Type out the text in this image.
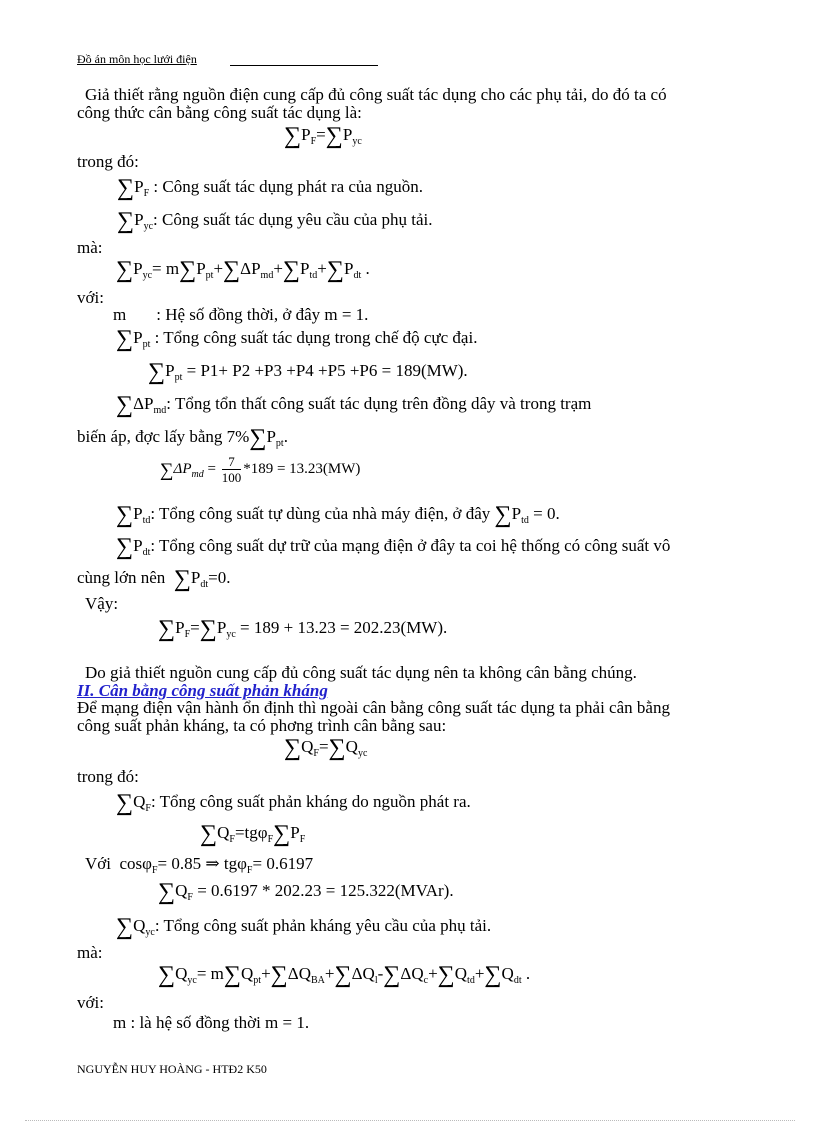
Đồ án môn học lưới điện
Giả thiết rằng nguồn điện cung cấp đủ công suất tác dụng cho các phụ tải, do đó ta có
công thức cân bằng công suất tác dụng là:
$\sum P_F=\sum P_{yc}$
trong đó:
$\sum P_F$ : Công suất tác dụng phát ra của nguồn.
$\sum P_{yc}$: Công suất tác dụng yêu cầu của phụ tải.
mà:
$\sum P_{yc}= m\sum P_{pt}+\sum\Delta P_{md}+\sum P_{td}+\sum P_{dt}$ .
với:
m : Hệ số đồng thời, ở đây m = 1.
$\sum P_{pt}$ : Tổng công suất tác dụng trong chế độ cực đại.
$\sum P_{pt} = P1+ P2 +P3 +P4 +P5 +P6 = 189(MW)$.
$\sum\Delta P_{md}$: Tổng tổn thất công suất tác dụng trên đồng dây và trong trạm
biến áp, đợc lấy bằng $7\%\sum P_{pt}$.
$\sum\Delta P_{md} = \frac{7}{100} *189 = 13.23(MW)$
$\sum P_{td}$: Tổng công suất tự dùng của nhà máy điện, ở đây $\sum P_{td} = 0$.
$\sum P_{dt}$: Tổng công suất dự trữ của mạng điện ở đây ta coi hệ thống có công suất vô
cùng lớn nên $\sum P_{dt}=0$.
Vậy:
$\sum P_F=\sum P_{yc} = 189 + 13.23 = 202.23(MW)$.
Do giả thiết nguồn cung cấp đủ công suất tác dụng nên ta không cân bằng chúng.
II. Cân bằng công suất phản kháng
Để mạng điện vận hành ổn định thì ngoài cân bằng công suất tác dụng ta phải cân bằng
công suất phản kháng, ta có phơng trình cân bằng sau:
$\sum Q_F=\sum Q_{yc}$
trong đó:
$\sum Q_F$: Tổng công suất phản kháng do nguồn phát ra.
$\sum Q_F=tg\varphi_F\sum P_F$
Với cosφ$_F$= 0.85 ⇒ tgφ$_F$= 0.6197
$\sum Q_F = 0.6197 * 202.23$ = 125.322(MVAr).
$\sum Q_{yc}$: Tổng công suất phản kháng yêu cầu của phụ tải.
mà:
$\sum Q_{yc}= m\sum Q_{pt}+\sum\Delta Q_{BA}+\sum\Delta Q_l-\sum\Delta Q_c+\sum Q_{td}+\sum Q_{dt}$ .
với:
m : là hệ số đồng thời m = 1.
NGUYỄN HUY HOÀNG - HTĐ2 K50
